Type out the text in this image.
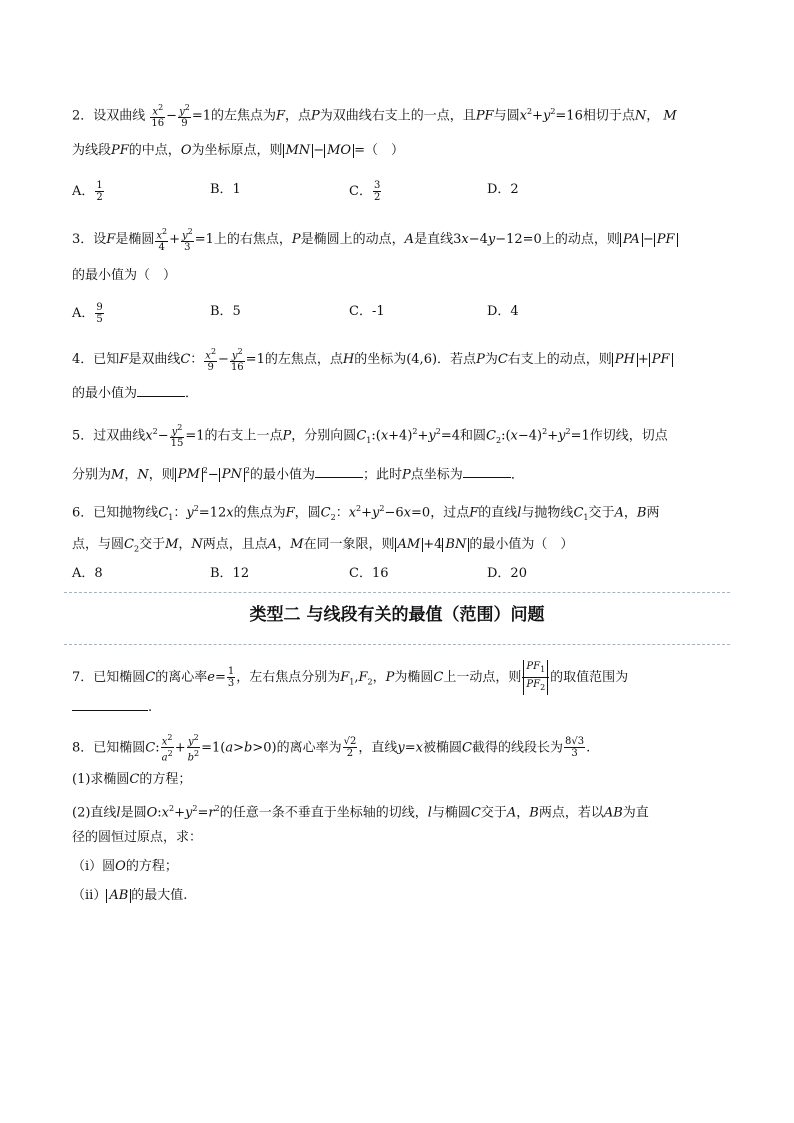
2．设双曲线 $\frac{x^2}{16} - \frac{y^2}{9} =1$的左焦点为F，点P为双曲线右支上的一点，且PF与圆$x^2+y^2=16$相切于点N， M
为线段PF的中点，O为坐标原点，则 MN − MO =（　）
A． $\frac{1}{2}$	B．1	C． $\frac{3}{2}$	D．2
3．设F是椭圆 $\frac{x^2}{4} + \frac{y^2}{3} =1$上的右焦点，P是椭圆上的动点，A是直线3x−4y−12=0上的动点，则 PA − PF
的最小值为（　）
A． $\frac{9}{5}$	B．5	C．-1	D．4
4．已知F是双曲线C： $\frac{x^2}{9} - \frac{y^2}{16} =1$的左焦点，点H的坐标为(4,6)．若点P为C右支上的动点，则 PH + PF
的最小值为	．
5．过双曲线$x^2- \frac{y^2}{15} =1$的右支上一点P，分别向圆$C_1:(x+4)^2+y^2=4$和圆$C_2:(x-4)^2+y^2=1$作切线，切点
分别为M，N，则 PM $^2$− PN $^2$的最小值为	；此时P点坐标为	．
6．已知抛物线$C_1$：$y^2=12x$的焦点为F，圆$C_2$：$x^2+y^2-6x=0$，过点F的直线l与抛物线$C_1$交于A，B两
点，与圆$C_2$交于M，N两点，且点A，M在同一象限，则 AM +4 BN 的最小值为（　）
A．8	B．12	C．16	D．20
类型二 与线段有关的最值（范围）问题
7．已知椭圆C的离心率$e= \frac{1}{3}$ ，左右焦点分别为$F_1,F_2$，P为椭圆C上一动点，则 $\frac{PF_1}{PF_2}$ 的取值范围为
.
8．已知椭圆C: $\frac{x^2}{a^2} + \frac{y^2}{b^2} =1(a>b>0)$的离心率为 $\frac{√2}{2}$ ，直线y=x被椭圆C截得的线段长为 $\frac{8√3}{3}$ .
(1)求椭圆C的方程；
(2)直线l是圆$O:x^2+y^2=r^2$的任意一条不垂直于坐标轴的切线，l与椭圆C交于A，B两点，若以AB为直
径的圆恒过原点，求：
（i）圆O的方程；
（ii） AB 的最大值.
